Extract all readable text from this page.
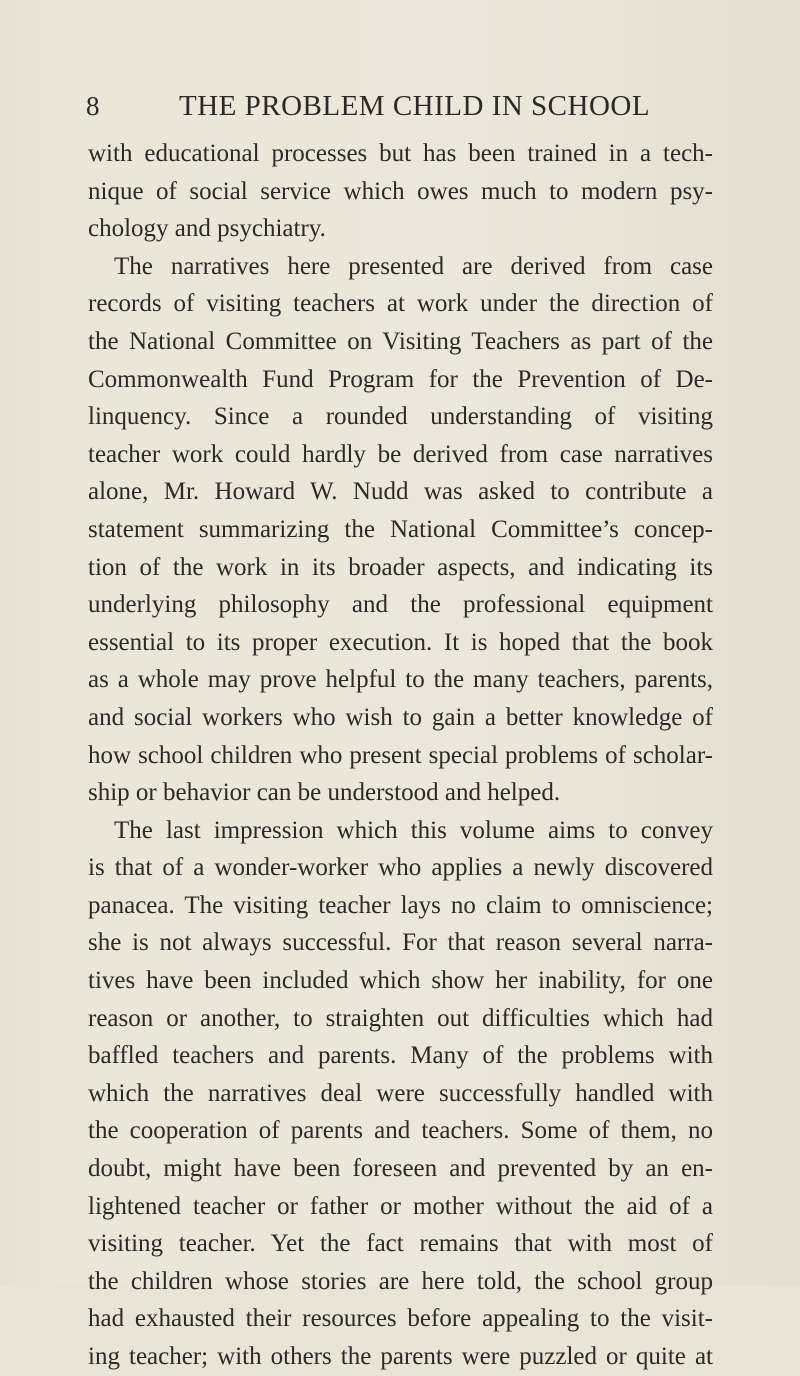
8	THE PROBLEM CHILD IN SCHOOL
with educational processes but has been trained in a tech-
nique of social service which owes much to modern psy-
chology and psychiatry.
The narratives here presented are derived from case
records of visiting teachers at work under the direction of
the National Committee on Visiting Teachers as part of the
Commonwealth Fund Program for the Prevention of De-
linquency. Since a rounded understanding of visiting
teacher work could hardly be derived from case narratives
alone, Mr. Howard W. Nudd was asked to contribute a
statement summarizing the National Committee’s concep-
tion of the work in its broader aspects, and indicating its
underlying philosophy and the professional equipment
essential to its proper execution. It is hoped that the book
as a whole may prove helpful to the many teachers, parents,
and social workers who wish to gain a better knowledge of
how school children who present special problems of scholar-
ship or behavior can be understood and helped.
The last impression which this volume aims to convey
is that of a wonder-worker who applies a newly discovered
panacea. The visiting teacher lays no claim to omniscience;
she is not always successful. For that reason several narra-
tives have been included which show her inability, for one
reason or another, to straighten out difficulties which had
baffled teachers and parents. Many of the problems with
which the narratives deal were successfully handled with
the cooperation of parents and teachers. Some of them, no
doubt, might have been foreseen and prevented by an en-
lightened teacher or father or mother without the aid of a
visiting teacher. Yet the fact remains that with most of
the children whose stories are here told, the school group
had exhausted their resources before appealing to the visit-
ing teacher; with others the parents were puzzled or quite at
